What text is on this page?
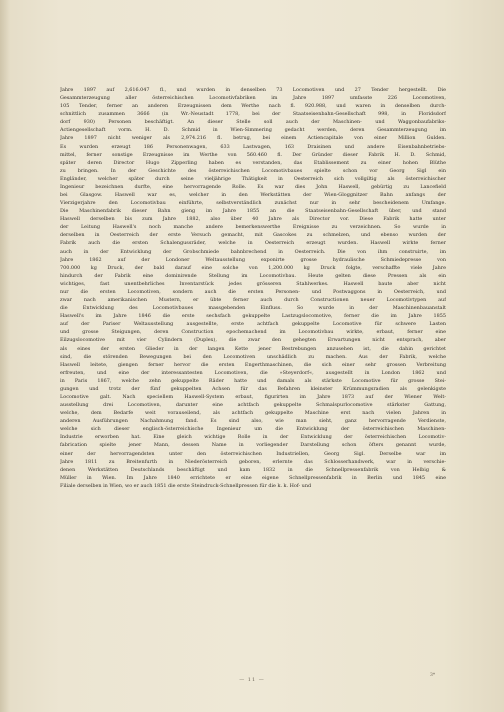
Jahre 1897 auf 2,616.047 fl., und wurden in denselben 73 Locomotiven und 27 Tender hergestellt. Die
Gesammterzeugung aller österreichischen Locomotivfabriken im Jahre 1897 umfasste 226 Locomotiven,
105 Tender, ferner an anderen Erzeugnissen dem Werthe nach fl. 920.988, und waren in denselben durch-
schnittlich zusammen 3666 (in Wr.-Neustadt 1778, bei der Staatseisenbahn-Gesellschaft 998, in Floridsdorf
dorf 930) Personen beschäftigt. An dieser Stelle soll auch der Maschinen- und Waggonbaufabriks-
Actiengesellschaft vorm. H. D. Schmid in Wien-Simmering gedacht werden, deren Gesammterzeugung im
Jahre 1897 nicht weniger als 2,974.216 fl. betrug, bei einem Actiencapitale von einer Million Gulden.
Es wurden erzeugt 186 Personenwagen, 633 Lastwagen, 163 Draisinen und andere Eisenbahnbetriebs-
mittel, ferner sonstige Erzeugnisse im Werthe von 560.460 fl. Der Gründer dieser Fabrik H. D. Schmid,
später deren Director Hugo Zipperling haben es verstanden, das Etablissement zu einer hohen Blüthe
zu bringen. In der Geschichte des österreichischen Locomotivbaues spielte schon vor Georg Sigl ein
Engländer, welcher später durch seine vieljährige Thätigkeit in Oesterreich sich vollgiltig als österreichischer
Ingenieur bezeichnen durfte, eine hervorragende Rolle. Es war dies John Haswell, gebürtig zu Lancefield
bei Glasgow. Haswell war es, welcher in den Werkstätten der Wien-Gloggnitzer Bahn anfangs der
Vierzigerjahre den Locomotivbau einführte, selbstverständlich zunächst nur in sehr bescheidenem Umfange.
Die Maschinenfabrik dieser Bahn gieng im Jahre 1855 an die Staatseisenbahn-Gesellschaft über, und stand
Haswell derselben bis zum Jahre 1882, also über 40 Jahre als Director vor. Diese Fabrik hatte unter
der Leitung Haswell's noch manche andere bemerkenswerthe Ereignisse zu verzeichnen. So wurde in
derselben in Oesterreich der erste Versuch gemacht, mit Gascokes zu schmelzen, und ebenso wurden der
Fabrik auch die ersten Schalengussräder, welche in Oesterreich erzeugt wurden. Haswell wirkte ferner
auch in der Entwicklung der Grobschmiede bahnbrechend in Oesterreich. Die von ihm construirte, im
Jahre 1862 auf der Londoner Weltausstellung exponirte grosse hydraulische Schmiedepresse von
700.000 kg Druck, der bald darauf eine solche von 1,200.000 kg Druck folgte, verschaffte viele Jahre
hindurch der Fabrik eine dominirende Stellung im Locomotivbau. Heute gelten diese Pressen als ein
wichtiges, fast unentbehrliches Inventarstück jedes grösseren Stahlwerkes. Haswell baute aber nicht
nur die ersten Locomotiven, sondern auch die ersten Personen- und Postwaggons in Oesterreich, und
zwar nach amerikanischen Mustern, er übte ferner auch durch Constructionen neuer Locomotivtypen auf
die Entwicklung des Locomotivbaues massgebenden Einfluss. So wurde in der Maschinenbauanstalt
Haswell's im Jahre 1846 die erste sechsfach gekuppelte Lastzugslocomotive, ferner die im Jahre 1855
auf der Pariser Weltausstellung ausgestellte, erste achtfach gekuppelte Locomotive für schwere Lasten
und grosse Steigungen, deren Construction epochemachend im Locomotivbau wirkte, erbaut, ferner eine
Eilzugslocomotive mit vier Cylindern (Duplex), die zwar den gehegten Erwartungen nicht entsprach, aber
als eines der ersten Glieder in der langen Kette jener Bestrebungen anzusehen ist, die dahin gerichtet
sind, die störenden Bewegungen bei den Locomotiven unschädlich zu machen. Aus der Fabrik, welche
Haswell leitete, giengen ferner hervor die ersten Engerthmaschinen, die sich einer sehr grossen Verbreitung
erfreuten, und eine der interessantesten Locomotiven, die »Steyerdorf«, ausgestellt in London 1862 und
in Paris 1867, welche zehn gekuppelte Räder hatte und damals als stärkste Locomotive für grosse Stei-
gungen und trotz der fünf gekuppelten Achsen für das Befahren kleinster Krümmungsradien als gelenkigste
Locomotive galt. Nach speciellem Haswell-System erbaut, figurirten im Jahre 1873 auf der Wiener Welt-
ausstellung drei Locomotiven, darunter eine achtfach gekuppelte Schmalspurlocomotive stärkster Gattung,
welche, dem Bedarfe weit vorauseilend, als achtfach gekuppelte Maschine erst nach vielen Jahren in
anderen Ausführungen Nachahmung fand. Es sind also, wie man sieht, ganz hervorragende Verdienste,
welche sich dieser englisch-österreichische Ingenieur um die Entwicklung der österreichischen Maschinen-
Industrie erworben hat. Eine gleich wichtige Rolle in der Entwicklung der österreichischen Locomotiv-
fabrication spielte jener Mann, dessen Name in vorliegender Darstellung schon öfters genannt wurde,
einer der hervorragendsten unter den österreichischen Industriellen, Georg Sigl. Derselbe war im
Jahre 1811 zu Breitenfurth in Niederösterreich geboren, erlernte das Schlosserhandwerk, war in verschie-
denen Werkstätten Deutschlands beschäftigt und kam 1832 in die Schnellpressenfabrik von Helbig &
Müller in Wien. Im Jahre 1840 errichtete er eine eigene Schnellpressenfabrik in Berlin und 1845 eine
Filiale derselben in Wien, wo er auch 1851 die erste Steindruck-Schnellpressen für die k. k. Hof- und
— 11 —
3*
